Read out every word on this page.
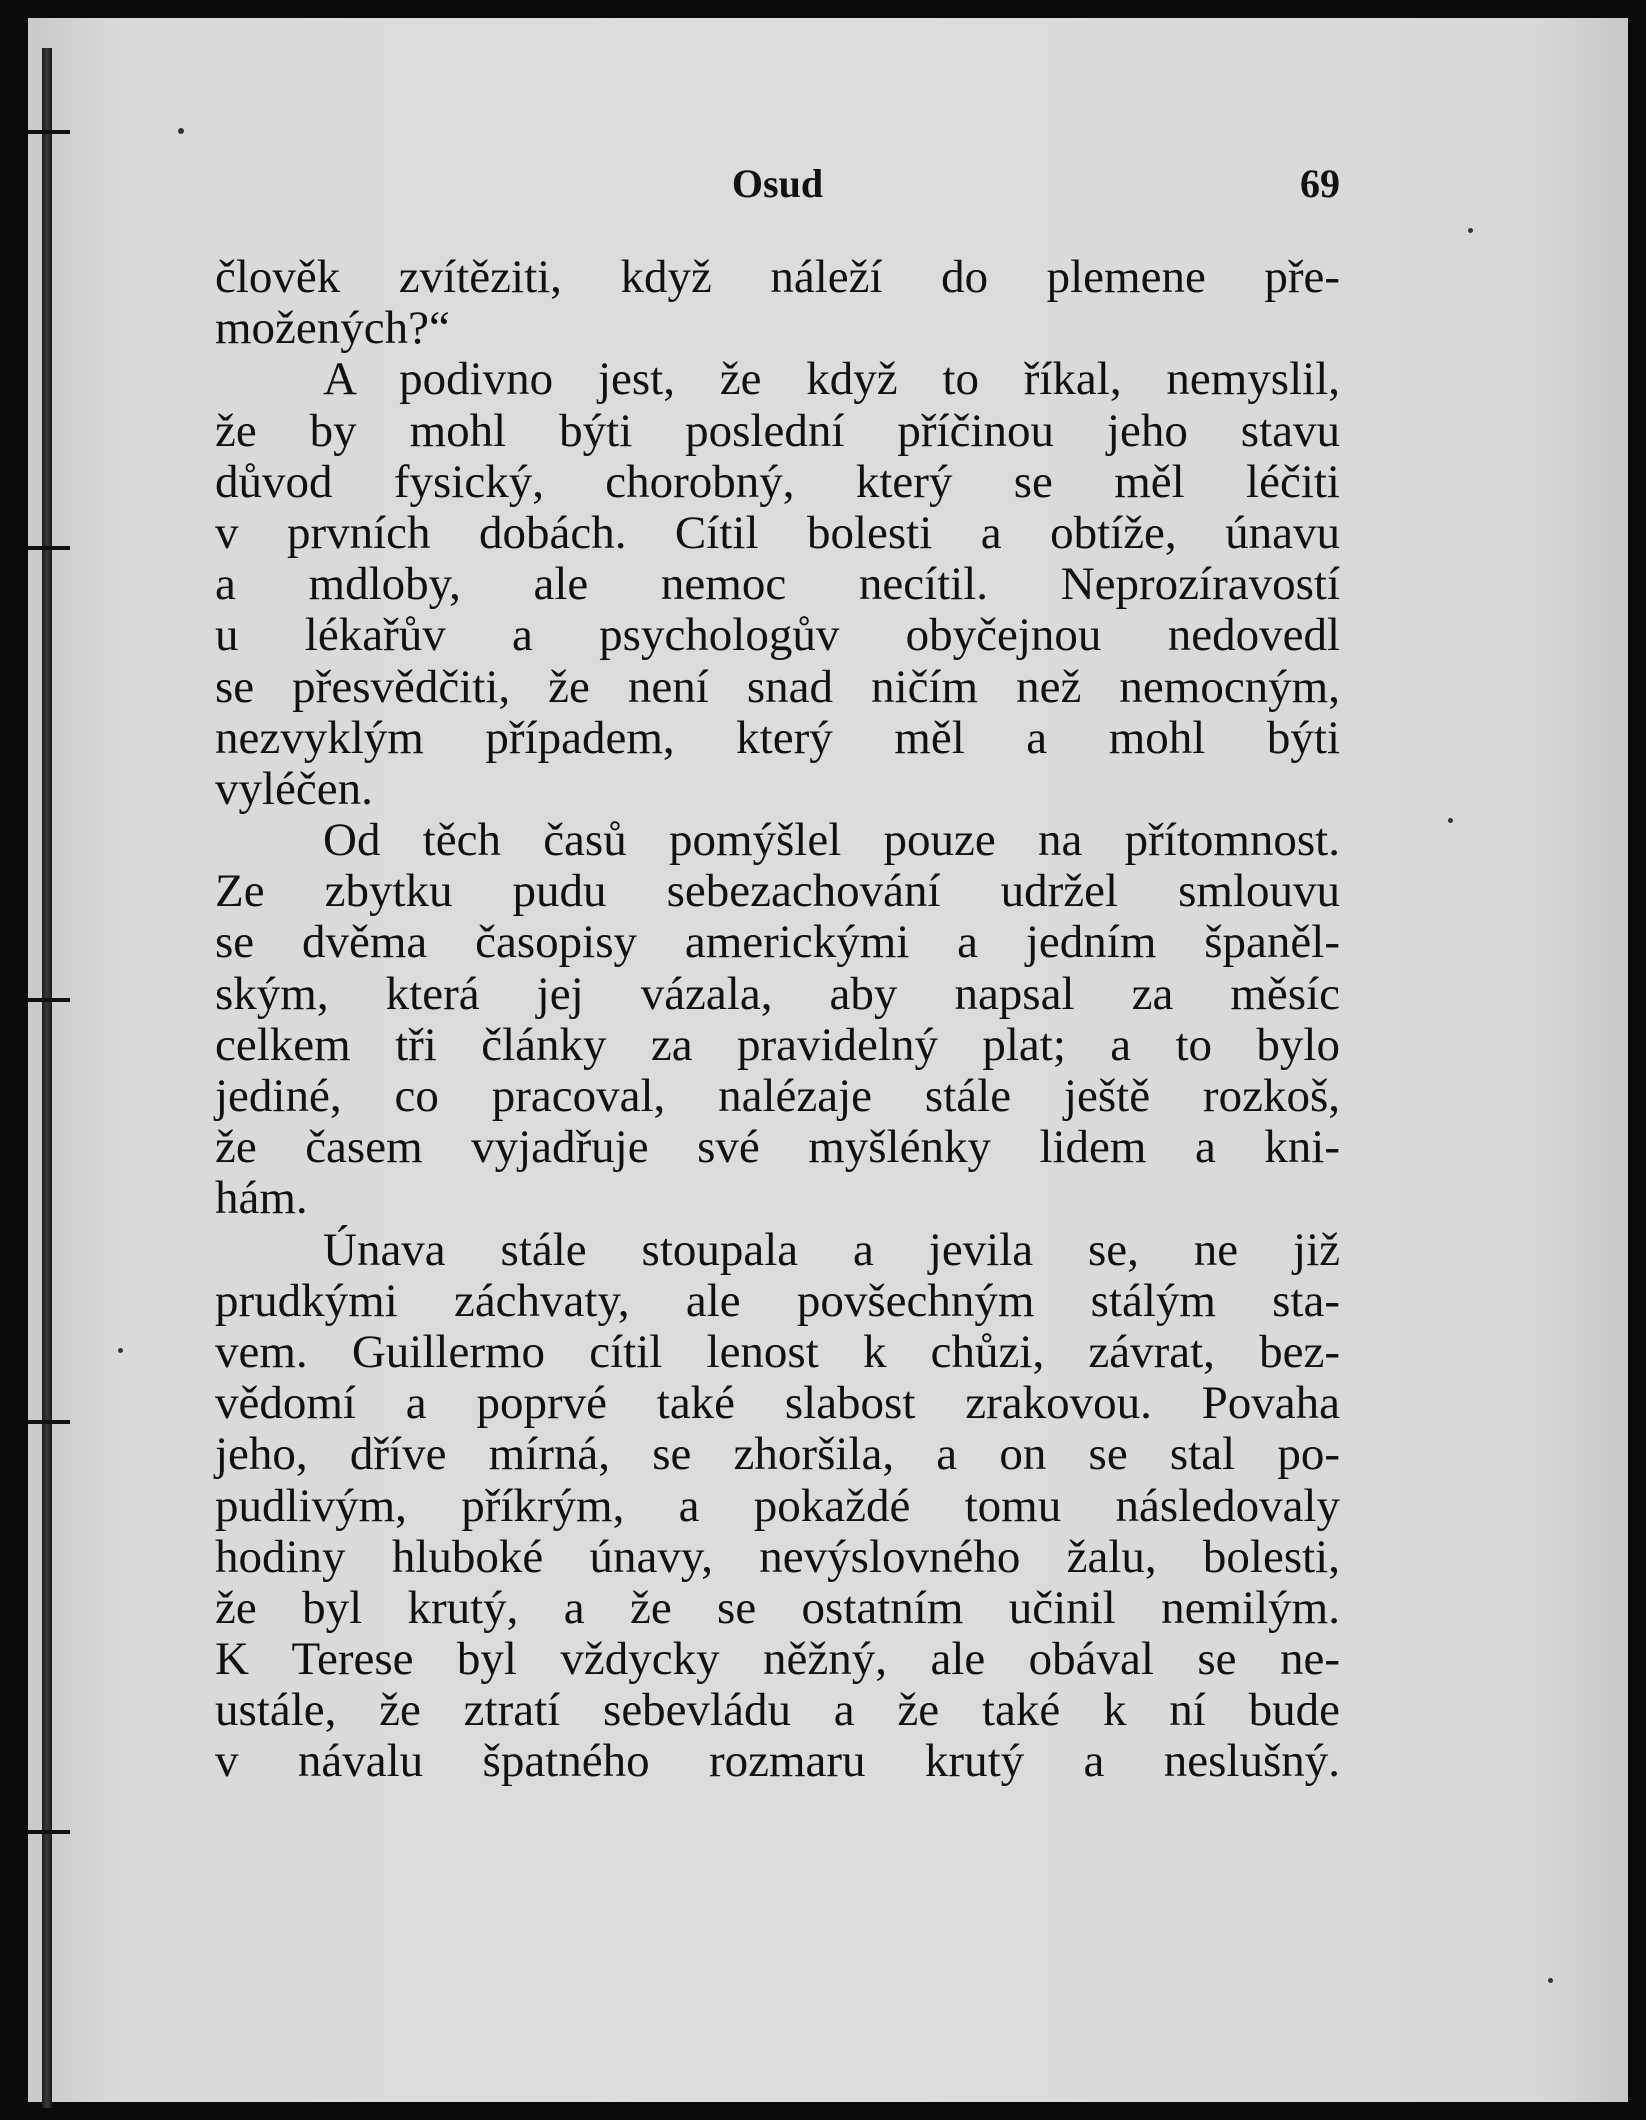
Osud	69
člověk zvítěziti, když náleží do plemene pře-
možených?“
A podivno jest, že když to říkal, nemyslil,
že by mohl býti poslední příčinou jeho stavu
důvod fysický, chorobný, který se měl léčiti
v prvních dobách. Cítil bolesti a obtíže, únavu
a mdloby, ale nemoc necítil. Neprozíravostí
u lékařův a psychologův obyčejnou nedovedl
se přesvědčiti, že není snad ničím než nemocným,
nezvyklým případem, který měl a mohl býti
vyléčen.
Od těch časů pomýšlel pouze na přítomnost.
Ze zbytku pudu sebezachování udržel smlouvu
se dvěma časopisy americkými a jedním španěl-
ským, která jej vázala, aby napsal za měsíc
celkem tři články za pravidelný plat; a to bylo
jediné, co pracoval, nalézaje stále ještě rozkoš,
že časem vyjadřuje své myšlénky lidem a kni-
hám.
Únava stále stoupala a jevila se, ne již
prudkými záchvaty, ale povšechným stálým sta-
vem. Guillermo cítil lenost k chůzi, závrat, bez-
vědomí a poprvé také slabost zrakovou. Povaha
jeho, dříve mírná, se zhoršila, a on se stal po-
pudlivým, příkrým, a pokaždé tomu následovaly
hodiny hluboké únavy, nevýslovného žalu, bolesti,
že byl krutý, a že se ostatním učinil nemilým.
K Terese byl vždycky něžný, ale obával se ne-
ustále, že ztratí sebevládu a že také k ní bude
v návalu špatného rozmaru krutý a neslušný.
